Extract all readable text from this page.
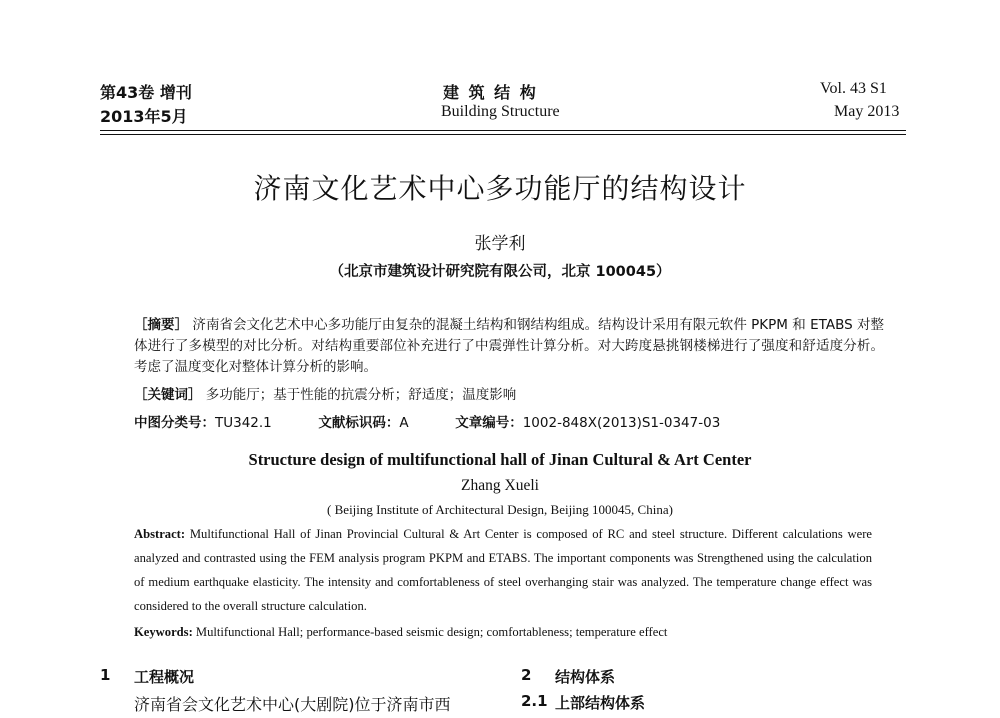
第43卷 增刊
2013年5月
建 筑 结 构
Building Structure
Vol. 43 S1
May 2013
济南文化艺术中心多功能厅的结构设计
张学利
（北京市建筑设计研究院有限公司，北京 100045）
［摘要］ 济南省会文化艺术中心多功能厅由复杂的混凝土结构和钢结构组成。结构设计采用有限元软件 PKPM 和 ETABS 对整体进行了多模型的对比分析。对结构重要部位补充进行了中震弹性计算分析。对大跨度悬挑钢楼梯进行了强度和舒适度分析。考虑了温度变化对整体计算分析的影响。
［关键词］ 多功能厅；基于性能的抗震分析；舒适度；温度影响
中图分类号：TU342.1	文献标识码：A	文章编号：1002-848X(2013)S1-0347-03
Structure design of multifunctional hall of Jinan Cultural & Art Center
Zhang Xueli
( Beijing Institute of Architectural Design, Beijing 100045, China)
Abstract: Multifunctional Hall of Jinan Provincial Cultural & Art Center is composed of RC and steel structure. Different calculations were analyzed and contrasted using the FEM analysis program PKPM and ETABS. The important components was Strengthened using the calculation of medium earthquake elasticity. The intensity and comfortableness of steel overhanging stair was analyzed. The temperature change effect was considered to the overall structure calculation.
Keywords: Multifunctional Hall; performance-based seismic design; comfortableness; temperature effect
1 工程概况
济南省会文化艺术中心(大剧院)位于济南市西
2 结构体系
2.1 上部结构体系
